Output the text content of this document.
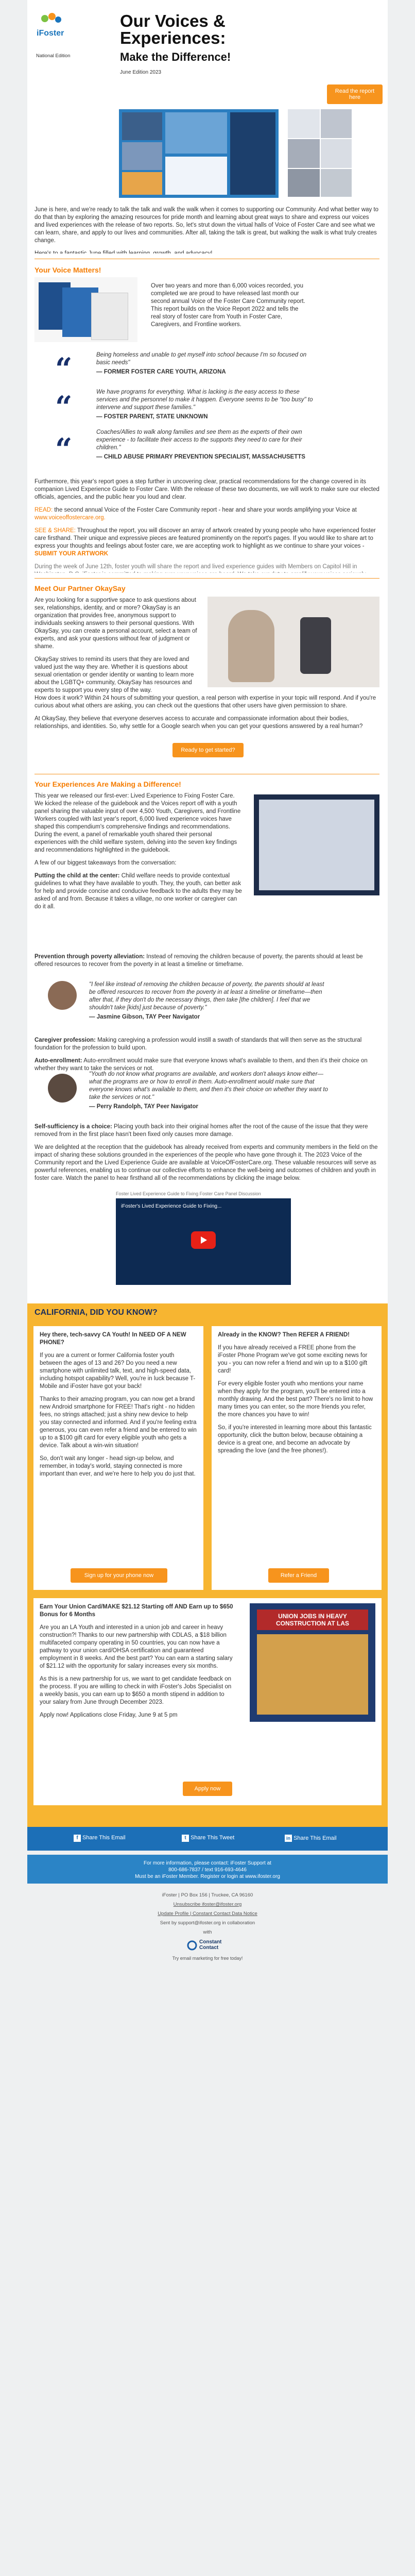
iFoster
National Edition
Our Voices &
Experiences:
Make the Difference!
June Edition 2023
Read the report here

June is here, and we're ready to talk the talk and walk the walk when it comes to supporting our Community. And what better way to do that than by exploring the amazing resources for pride month and learning about great ways to share and express our voices and lived experiences with the release of two reports. So, let's strut down the virtual halls of Voice of Foster Care and see what we can learn, share, and apply to our lives and communities. After all, taking the talk is great, but walking the walk is what truly creates change.

Your Voice Matters!

Over two years and more than 6,000 voices recorded, you completed we are proud to have released last month our second annual Voice of the Foster Care Community report. This report builds on the Voice Report 2022 and tells the real story of foster care from Youth in Foster Care, Caregivers, and Frontline workers.

“	Being homeless and unable to get myself into school because I'm so focused on basic needs"

— FORMER FOSTER CARE YOUTH, ARIZONA

“	We have programs for everything. What is lacking is the easy access to these services and the personnel to make it happen. Everyone seems to be "too busy" to intervene and support these families."

— FOSTER PARENT, STATE UNKNOWN

“	Coaches/Allies to walk along families and see them as the experts of their own experience - to facilitate their access to the supports they need to care for their children."

— CHILD ABUSE PRIMARY PREVENTION SPECIALIST, MASSACHUSETTS

Furthermore, this year's report goes a step further in uncovering clear, practical recommendations for the change covered in its companion Lived Experience Guide to Foster Care. With the release of these two documents, we will work to make sure our elected officials, agencies, and the public hear you loud and clear.

READ: the second annual Voice of the Foster Care Community report - hear and share your words amplifying your Voice at www.voiceoffostercare.org.

SEE & SHARE: Throughout the report, you will discover an array of artwork created by young people who have experienced foster care firsthand. Their unique and expressive pieces are featured prominently on the report's pages. If you would like to share art to express your thoughts and feelings about foster care, we are accepting work to highlight as we continue to share your voices - SUBMIT YOUR ARTWORK

During the week of June 12th, foster youth will share the report and lived experience guides with Members on Capitol Hill in

Meet Our Partner OkaySay

Are you looking for a supportive space to ask questions about sex, relationships, identity, and or more? OkaySay is an organization that provides free, anonymous support to individuals seeking answers to their personal questions. With OkaySay, you can create a personal account, select a team of experts, and ask your questions without fear of judgment or shame.

OkaySay strives to remind its users that they are loved and valued just the way they are. Whether it is questions about sexual orientation or gender identity or wanting to learn more about the LGBTQ+ community, OkaySay has resources and experts to support you every step of the way.

How does it work? Within 24 hours of submitting your question, a real person with expertise in your topic will respond. And if you're curious about what others are asking, you can check out the questions that other users have given permission to share.

At OkaySay, they believe that everyone deserves access to accurate and compassionate information about their bodies, relationships, and identities. So, why settle for a Google search when you can get your questions answered by a real human?

Ready to get started?
Your Experiences Are Making a Difference!

This year we released our first-ever: Lived Experience to Fixing Foster Care. We kicked the release of the guidebook and the Voices report off with a youth panel sharing the valuable input of over 4,500 Youth, Caregivers, and Frontline Workers coupled with last year's report, 6,000 lived experience voices have shaped this compendium's comprehensive findings and recommendations. During the event, a panel of remarkable youth shared their personal experiences with the child welfare system, delving into the seven key findings and recommendations highlighted in the guidebook.

A few of our biggest takeaways from the conversation:

Putting the child at the center: Child welfare needs to provide contextual guidelines to what they have available to youth. They, the youth, can better ask for help and provide concise and conducive feedback to the adults they may be asked of and from. Because it takes a village, no one worker or caregiver can do it all.

Prevention through poverty alleviation: Instead of removing the children because of poverty, the parents should at least be offered resources to recover from the poverty in at least a timeline or timeframe.

"I feel like instead of removing the children because of poverty, the parents should at least be offered resources to recover from the poverty in at least a timeline or timeframe—then after that, if they don't do the necessary things, then take [the children]. I feel that we shouldn't take [kids] just because of poverty."

— Jasmine Gibson, TAY Peer Navigator

Caregiver profession: Making caregiving a profession would instill a swath of standards that will then serve as the structural foundation for the profession to build upon.

Auto-enrollment: Auto-enrollment would make sure that everyone knows what's available to them, and then it's their choice on whether they want to take the services or not.

"Youth do not know what programs are available, and workers don't always know either—what the programs are or how to enroll in them. Auto-enrollment would make sure that everyone knows what's available to them, and then it's their choice on whether they want to take the services or not."

— Perry Randolph, TAY Peer Navigator

Self-sufficiency is a choice: Placing youth back into their original homes after the root of the cause of the issue that they were removed from in the first place hasn't been fixed only causes more damage.

We are delighted at the reception that the guidebook has already received from experts and community members in the field on the impact of sharing these solutions grounded in the experiences of the people who have gone through it. The 2023 Voice of the Community report and the Lived Experience Guide are available at VoiceOfFosterCare.org. These valuable resources will serve as powerful references, enabling us to continue our collective efforts to enhance the well-being and outcomes of children and youth in foster care. Watch the panel to hear firsthand all of the recommendations by clicking the image below.

Foster Lived Experience Guide to Fixing Foster Care Panel Discussion
iFoster's Lived Experience Guide to Fixing...
CALIFORNIA, DID YOU KNOW?

Hey there, tech-savvy CA Youth! In NEED OF A NEW PHONE?

If you are a current or former California foster youth between the ages of 13 and 26? Do you need a new smartphone with unlimited talk, text, and high-speed data, including hotspot capability? Well, you're in luck because T-Mobile and iFoster have got your back!

Thanks to their amazing program, you can now get a brand new Android smartphone for FREE! That's right - no hidden fees, no strings attached; just a shiny new device to help you stay connected and informed. And if you're feeling extra generous, you can even refer a friend and be entered to win up to a $100 gift card for every eligible youth who gets a device. Talk about a win-win situation!

So, don't wait any longer - head sign-up below, and remember, in today's world, staying connected is more important than ever, and we're here to help you do just that.

Sign up for your phone now

Already in the KNOW? Then REFER A FRIEND!

If you have already received a FREE phone from the iFoster Phone Program we've got some exciting news for you - you can now refer a friend and win up to a $100 gift card!

For every eligible foster youth who mentions your name when they apply for the program, you'll be entered into a monthly drawing. And the best part? There's no limit to how many times you can enter, so the more friends you refer, the more chances you have to win!

So, if you're interested in learning more about this fantastic opportunity, click the button below, because obtaining a device is a great one, and become an advocate by spreading the love (and the free phones!).

Refer a Friend

Earn Your Union Card/MAKE $21.12 Starting off AND Earn up to $650 Bonus for 6 Months

Are you an LA Youth and interested in a union job and career in heavy construction?! Thanks to our new partnership with CDLAS, a $18 billion multifaceted company operating in 50 countries, you can now have a pathway to your union card/OHSA certification and guaranteed employment in 8 weeks. And the best part? You can earn a starting salary of $21.12 with the opportunity for salary increases every six months.

As this is a new partnership for us, we want to get candidate feedback on the process. If you are willing to check in with iFoster's Jobs Specialist on a weekly basis, you can earn up to $650 a month stipend in addition to your salary from June through December 2023.

Apply now! Applications close Friday, June 9 at 5 pm

UNION JOBS IN HEAVY CONSTRUCTION AT LAS
Apply now
f Share This Email	t Share This Tweet	in Share This Email
For more information, please contact: iFoster Support at
800-686-7837 / text 916-693-4646
Must be an iFoster Member. Register or login at www.ifoster.org
iFoster | PO Box 156 | Truckee, CA 96160
Unsubscribe ifoster@ifoster.org
Update Profile | Constant Contact Data Notice
Sent by support@ifoster.org in collaboration
with
Constant
Contact
Try email marketing for free today!
